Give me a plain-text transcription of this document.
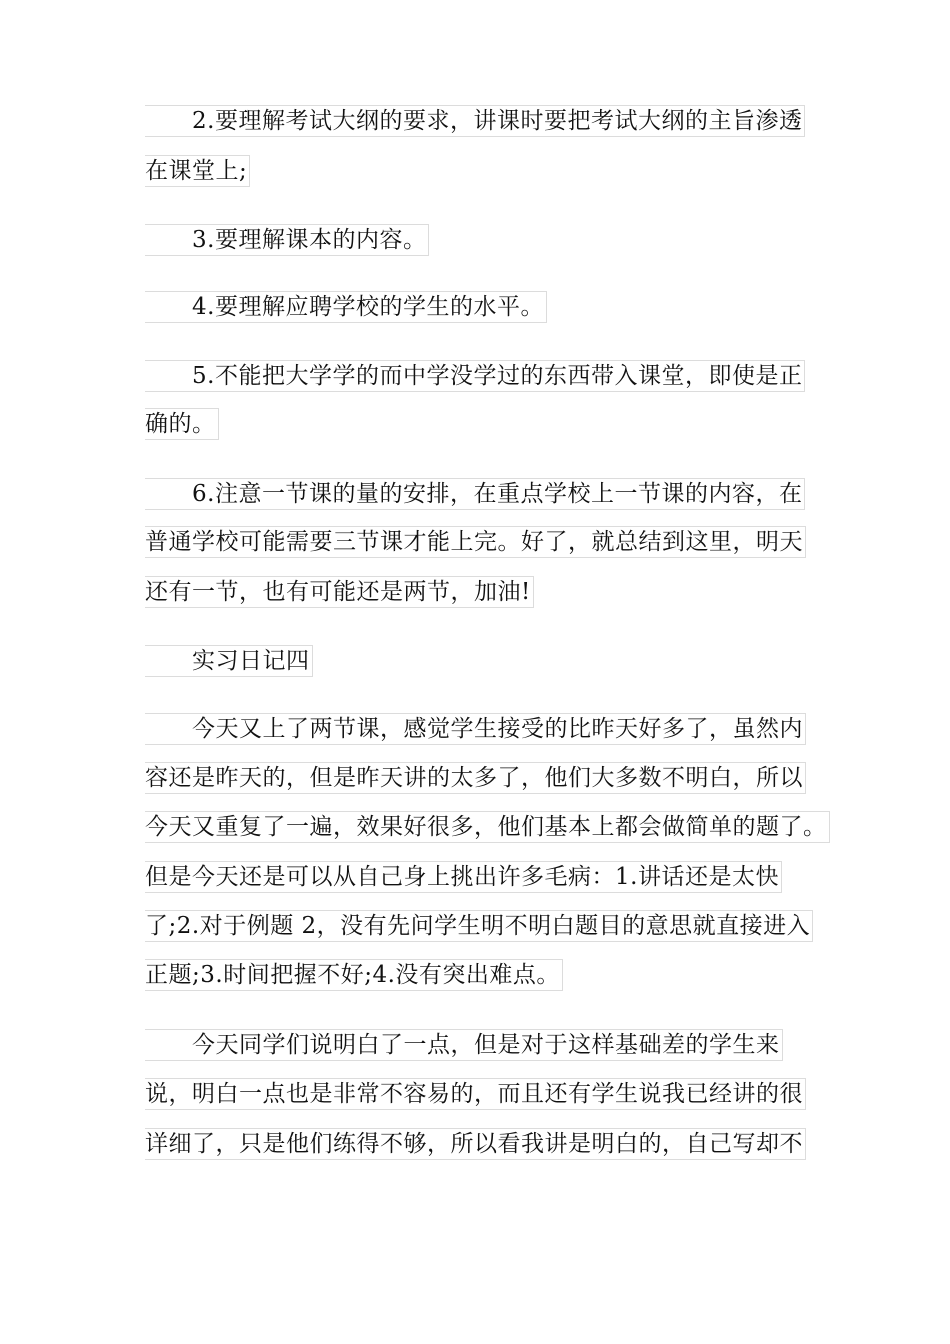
2.要理解考试大纲的要求，讲课时要把考试大纲的主旨渗透
在课堂上;
3.要理解课本的内容。
4.要理解应聘学校的学生的水平。
5.不能把大学学的而中学没学过的东西带入课堂，即使是正
确的。
6.注意一节课的量的安排，在重点学校上一节课的内容，在
普通学校可能需要三节课才能上完。好了，就总结到这里，明天
还有一节，也有可能还是两节，加油!
实习日记四
今天又上了两节课，感觉学生接受的比昨天好多了，虽然内
容还是昨天的，但是昨天讲的太多了，他们大多数不明白，所以
今天又重复了一遍，效果好很多，他们基本上都会做简单的题了。
但是今天还是可以从自己身上挑出许多毛病：1.讲话还是太快
了;2.对于例题 2，没有先问学生明不明白题目的意思就直接进入
正题;3.时间把握不好;4.没有突出难点。
今天同学们说明白了一点，但是对于这样基础差的学生来
说，明白一点也是非常不容易的，而且还有学生说我已经讲的很
详细了，只是他们练得不够，所以看我讲是明白的，自己写却不
